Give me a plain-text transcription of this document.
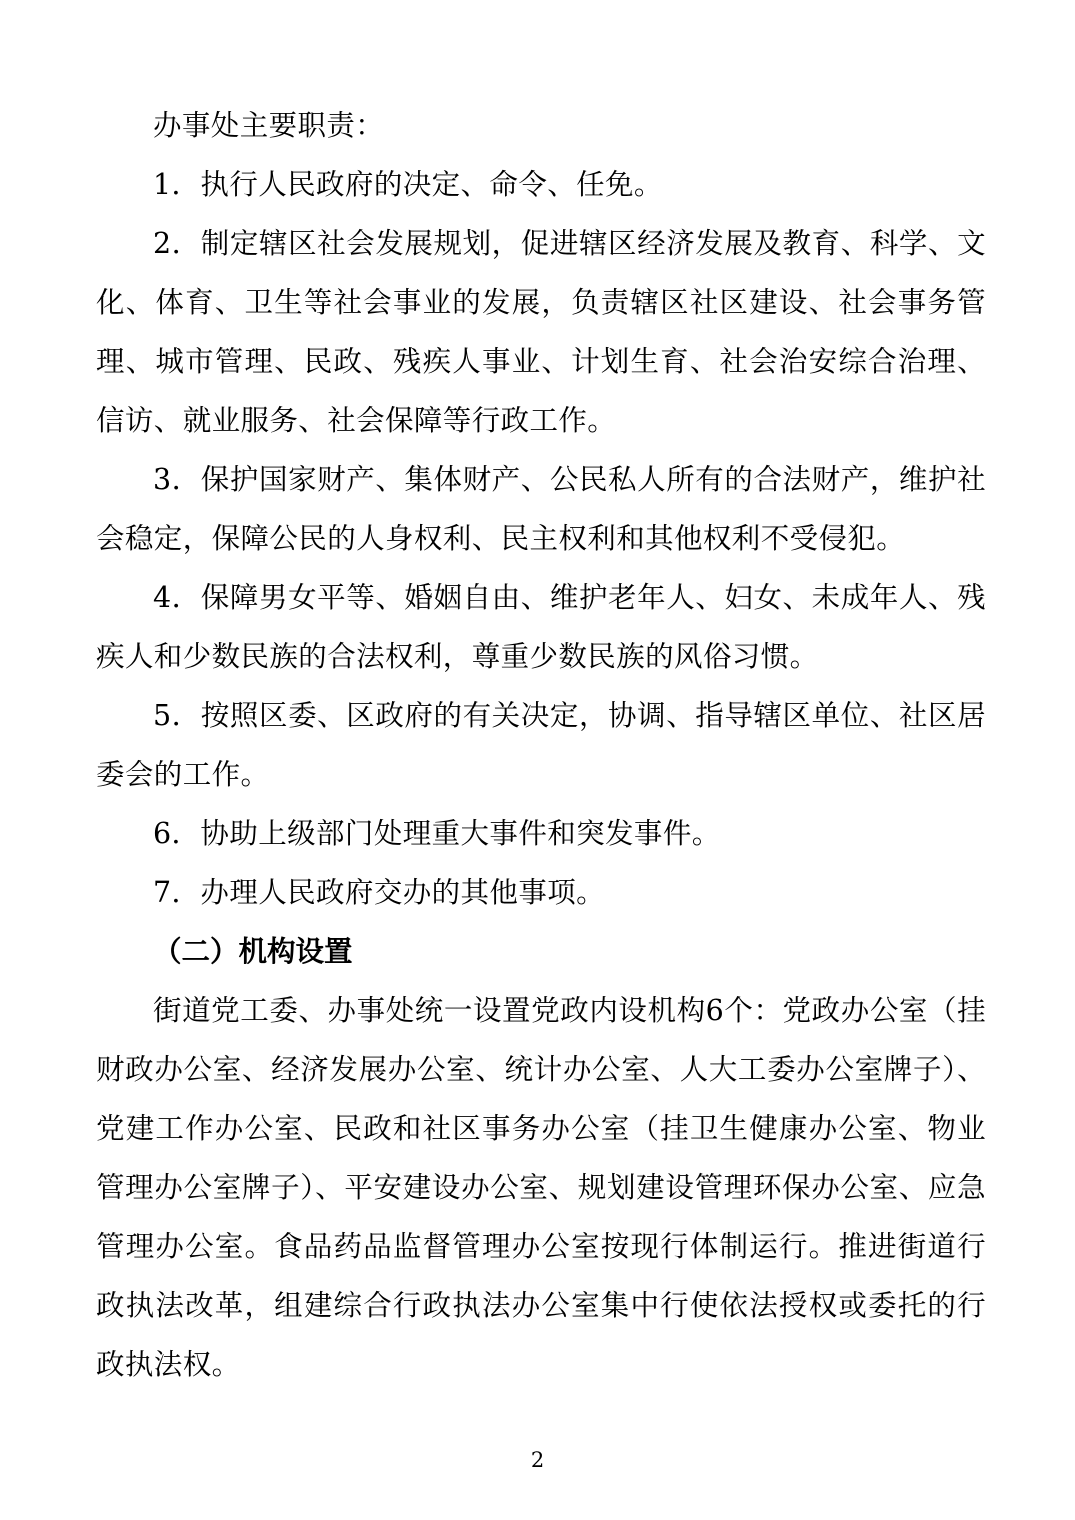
办事处主要职责：

1．执行人民政府的决定、命令、任免。

2．制定辖区社会发展规划，促进辖区经济发展及教育、科学、文化、体育、卫生等社会事业的发展，负责辖区社区建设、社会事务管理、城市管理、民政、残疾人事业、计划生育、社会治安综合治理、信访、就业服务、社会保障等行政工作。

3．保护国家财产、集体财产、公民私人所有的合法财产，维护社会稳定，保障公民的人身权利、民主权利和其他权利不受侵犯。

4．保障男女平等、婚姻自由、维护老年人、妇女、未成年人、残疾人和少数民族的合法权利，尊重少数民族的风俗习惯。

5．按照区委、区政府的有关决定，协调、指导辖区单位、社区居委会的工作。

6．协助上级部门处理重大事件和突发事件。

7．办理人民政府交办的其他事项。

（二）机构设置

街道党工委、办事处统一设置党政内设机构6个：党政办公室（挂财政办公室、经济发展办公室、统计办公室、人大工委办公室牌子）、党建工作办公室、民政和社区事务办公室（挂卫生健康办公室、物业管理办公室牌子）、平安建设办公室、规划建设管理环保办公室、应急管理办公室。食品药品监督管理办公室按现行体制运行。推进街道行政执法改革，组建综合行政执法办公室集中行使依法授权或委托的行政执法权。

2
